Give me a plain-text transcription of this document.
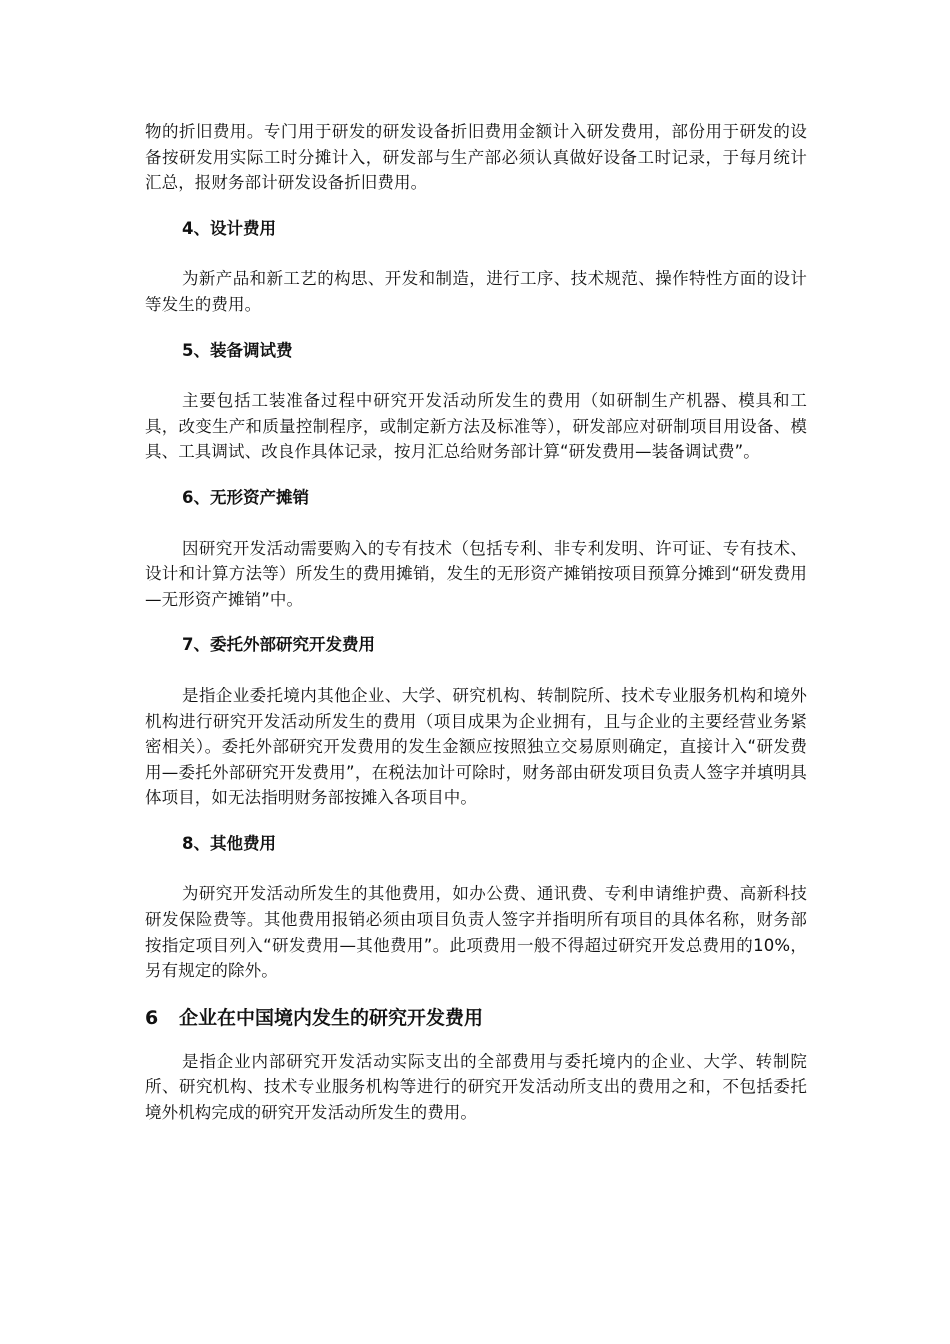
物的折旧费用。专门用于研发的研发设备折旧费用金额计入研发费用，部份用于研发的设备按研发用实际工时分摊计入，研发部与生产部必须认真做好设备工时记录，于每月统计汇总，报财务部计研发设备折旧费用。

4、设计费用

为新产品和新工艺的构思、开发和制造，进行工序、技术规范、操作特性方面的设计等发生的费用。

5、装备调试费

主要包括工装准备过程中研究开发活动所发生的费用（如研制生产机器、模具和工具，改变生产和质量控制程序，或制定新方法及标准等），研发部应对研制项目用设备、模具、工具调试、改良作具体记录，按月汇总给财务部计算“研发费用—装备调试费”。

6、无形资产摊销

因研究开发活动需要购入的专有技术（包括专利、非专利发明、许可证、专有技术、设计和计算方法等）所发生的费用摊销，发生的无形资产摊销按项目预算分摊到“研发费用—无形资产摊销”中。

7、委托外部研究开发费用

是指企业委托境内其他企业、大学、研究机构、转制院所、技术专业服务机构和境外机构进行研究开发活动所发生的费用（项目成果为企业拥有，且与企业的主要经营业务紧密相关）。委托外部研究开发费用的发生金额应按照独立交易原则确定，直接计入“研发费用—委托外部研究开发费用”，在税法加计可除时，财务部由研发项目负责人签字并填明具体项目，如无法指明财务部按摊入各项目中。

8、其他费用

为研究开发活动所发生的其他费用，如办公费、通讯费、专利申请维护费、高新科技研发保险费等。其他费用报销必须由项目负责人签字并指明所有项目的具体名称，财务部按指定项目列入“研发费用—其他费用”。此项费用一般不得超过研究开发总费用的10%，另有规定的除外。

6 企业在中国境内发生的研究开发费用

是指企业内部研究开发活动实际支出的全部费用与委托境内的企业、大学、转制院所、研究机构、技术专业服务机构等进行的研究开发活动所支出的费用之和，不包括委托境外机构完成的研究开发活动所发生的费用。
